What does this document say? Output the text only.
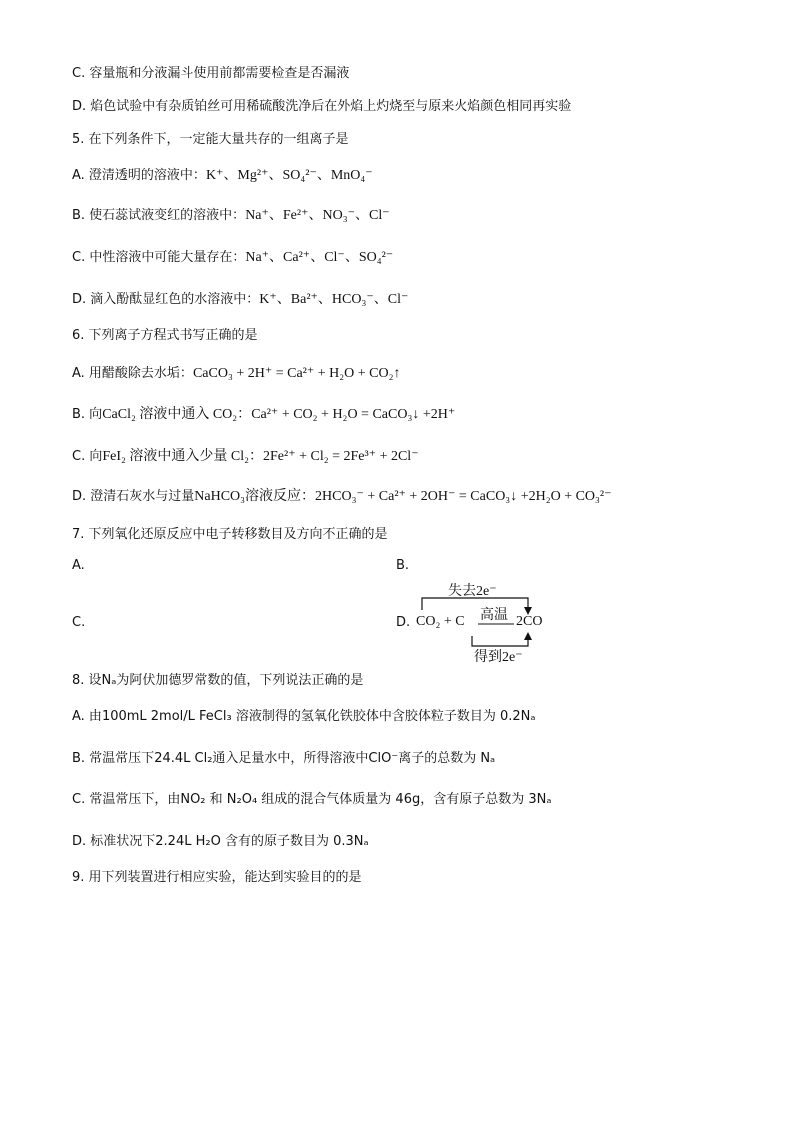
C. 容量瓶和分液漏斗使用前都需要检查是否漏液
D. 焰色试验中有杂质铂丝可用稀硫酸洗净后在外焰上灼烧至与原来火焰颜色相同再实验
5. 在下列条件下，一定能大量共存的一组离子是
A. 澄清透明的溶液中：K⁺、Mg²⁺、SO₄²⁻、MnO₄⁻
B. 使石蕊试液变红的溶液中：Na⁺、Fe²⁺、NO₃⁻、Cl⁻
C. 中性溶液中可能大量存在：Na⁺、Ca²⁺、Cl⁻、SO₄²⁻
D. 滴入酚酞显红色的水溶液中：K⁺、Ba²⁺、HCO₃⁻、Cl⁻
6. 下列离子方程式书写正确的是
A. 用醋酸除去水垢：CaCO₃ + 2H⁺ = Ca²⁺ + H₂O + CO₂↑
B. 向CaCl₂ 溶液中通入 CO₂：Ca²⁺ + CO₂ + H₂O = CaCO₃↓ +2H⁺
C. 向FeI₂ 溶液中通入少量 Cl₂：2Fe²⁺ + Cl₂ = 2Fe³⁺ + 2Cl⁻
D. 澄清石灰水与过量NaHCO₃溶液反应：2HCO₃⁻ + Ca²⁺ + 2OH⁻ = CaCO₃↓ +2H₂O + CO₃²⁻
7. 下列氧化还原反应中电子转移数目及方向不正确的是
A.	B.
C.	D.
失去2e⁻
CO₂ + C 高温 2CO
得到2e⁻
8. 设Nₐ为阿伏加德罗常数的值，下列说法正确的是
A. 由100mL 2mol/L FeCl₃ 溶液制得的氢氧化铁胶体中含胶体粒子数目为 0.2Nₐ
B. 常温常压下24.4L Cl₂通入足量水中，所得溶液中ClO⁻离子的总数为 Nₐ
C. 常温常压下，由NO₂ 和 N₂O₄ 组成的混合气体质量为 46g，含有原子总数为 3Nₐ
D. 标准状况下2.24L H₂O 含有的原子数目为 0.3Nₐ
9. 用下列装置进行相应实验，能达到实验目的的是
